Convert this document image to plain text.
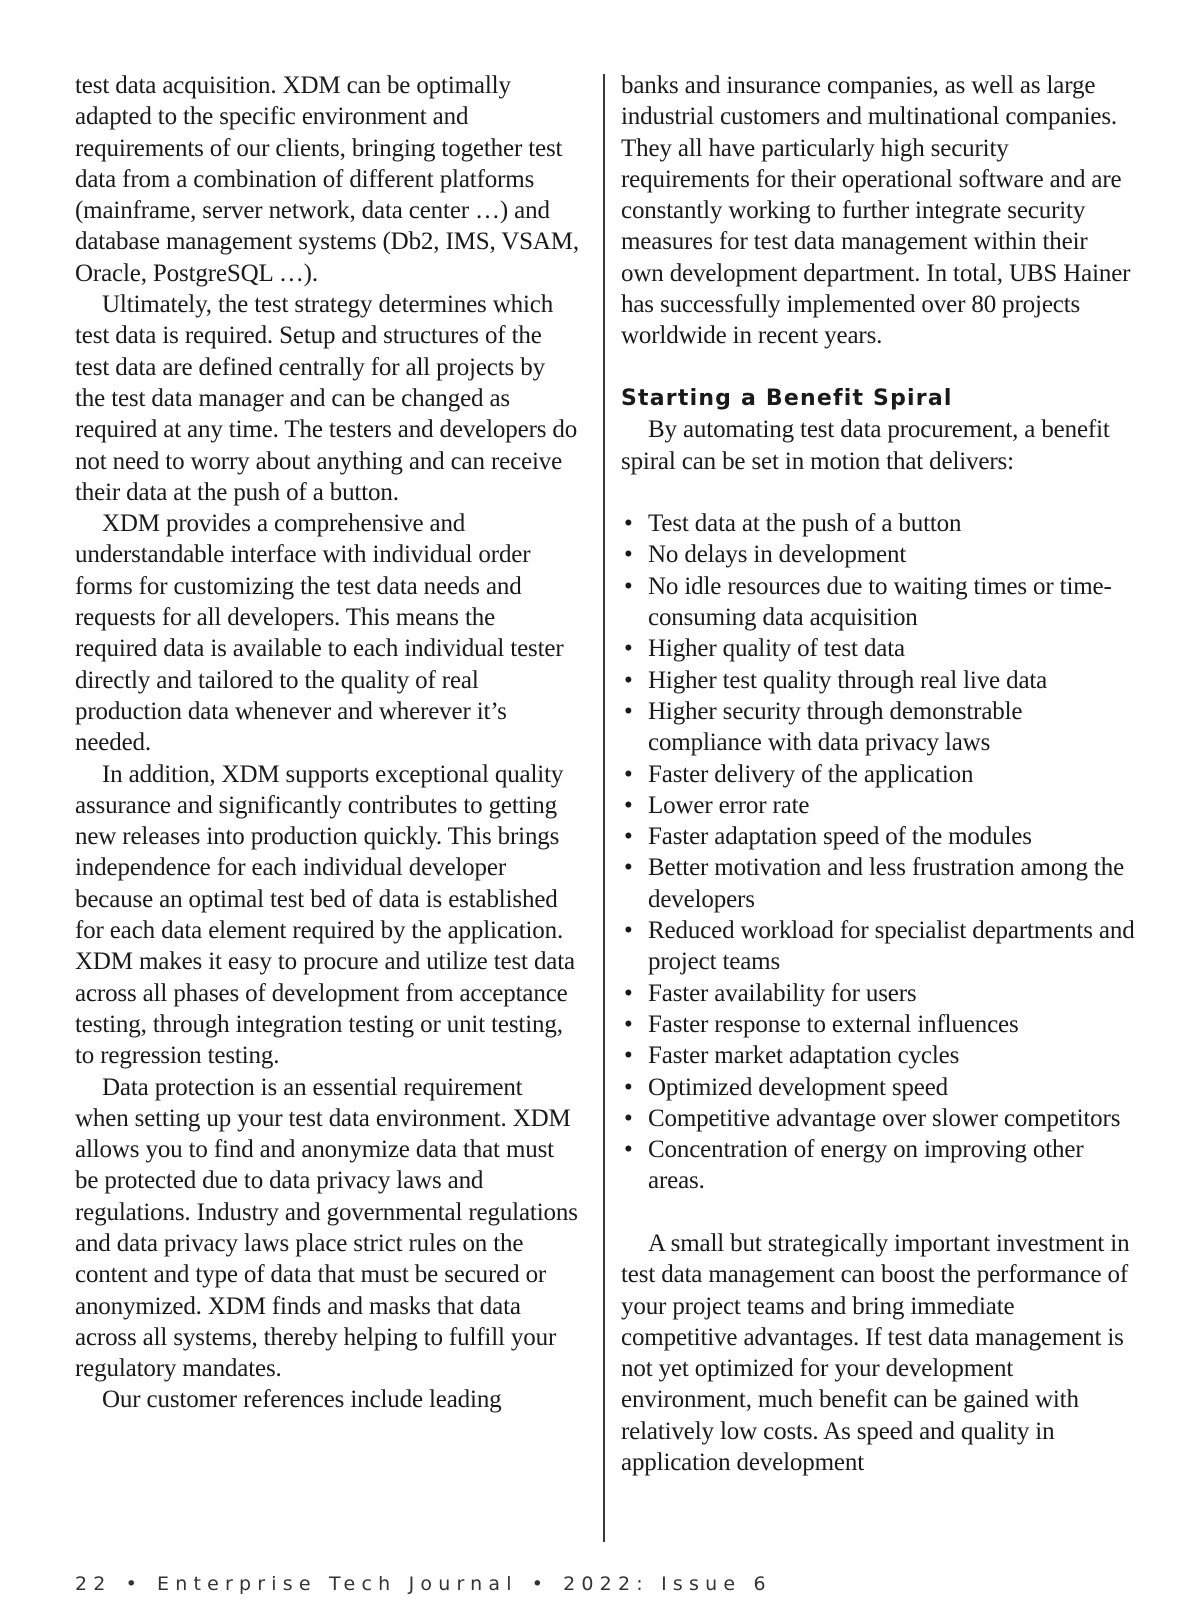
test data acquisition. XDM can be optimally adapted to the specific environment and requirements of our clients, bringing together test data from a combination of different platforms (mainframe, server network, data center …) and database management systems (Db2, IMS, VSAM, Oracle, PostgreSQL …).

Ultimately, the test strategy determines which test data is required. Setup and structures of the test data are defined centrally for all projects by the test data manager and can be changed as required at any time. The testers and developers do not need to worry about anything and can receive their data at the push of a button.

XDM provides a comprehensive and understandable interface with individual order forms for customizing the test data needs and requests for all developers. This means the required data is available to each individual tester directly and tailored to the quality of real production data whenever and wherever it’s needed.

In addition, XDM supports exceptional quality assurance and significantly contributes to getting new releases into production quickly. This brings independence for each individual developer because an optimal test bed of data is established for each data element required by the application. XDM makes it easy to procure and utilize test data across all phases of development from acceptance testing, through integration testing or unit testing, to regression testing.

Data protection is an essential requirement when setting up your test data environment. XDM allows you to find and anonymize data that must be protected due to data privacy laws and regulations. Industry and governmental regulations and data privacy laws place strict rules on the content and type of data that must be secured or anonymized. XDM finds and masks that data across all systems, thereby helping to fulfill your regulatory mandates.

Our customer references include leading

banks and insurance companies, as well as large industrial customers and multinational companies. They all have particularly high security requirements for their operational software and are constantly working to further integrate security measures for test data management within their own development department. In total, UBS Hainer has successfully implemented over 80 projects worldwide in recent years.

Starting a Benefit Spiral

By automating test data procurement, a benefit spiral can be set in motion that delivers:

• Test data at the push of a button
• No delays in development
• No idle resources due to waiting times or time-consuming data acquisition
• Higher quality of test data
• Higher test quality through real live data
• Higher security through demonstrable compliance with data privacy laws
• Faster delivery of the application
• Lower error rate
• Faster adaptation speed of the modules
• Better motivation and less frustration among the developers
• Reduced workload for specialist departments and project teams
• Faster availability for users
• Faster response to external influences
• Faster market adaptation cycles
• Optimized development speed
• Competitive advantage over slower competitors
• Concentration of energy on improving other areas.

A small but strategically important investment in test data management can boost the performance of your project teams and bring immediate competitive advantages. If test data management is not yet optimized for your development environment, much benefit can be gained with relatively low costs. As speed and quality in application development

22 • Enterprise Tech Journal • 2022: Issue 6
